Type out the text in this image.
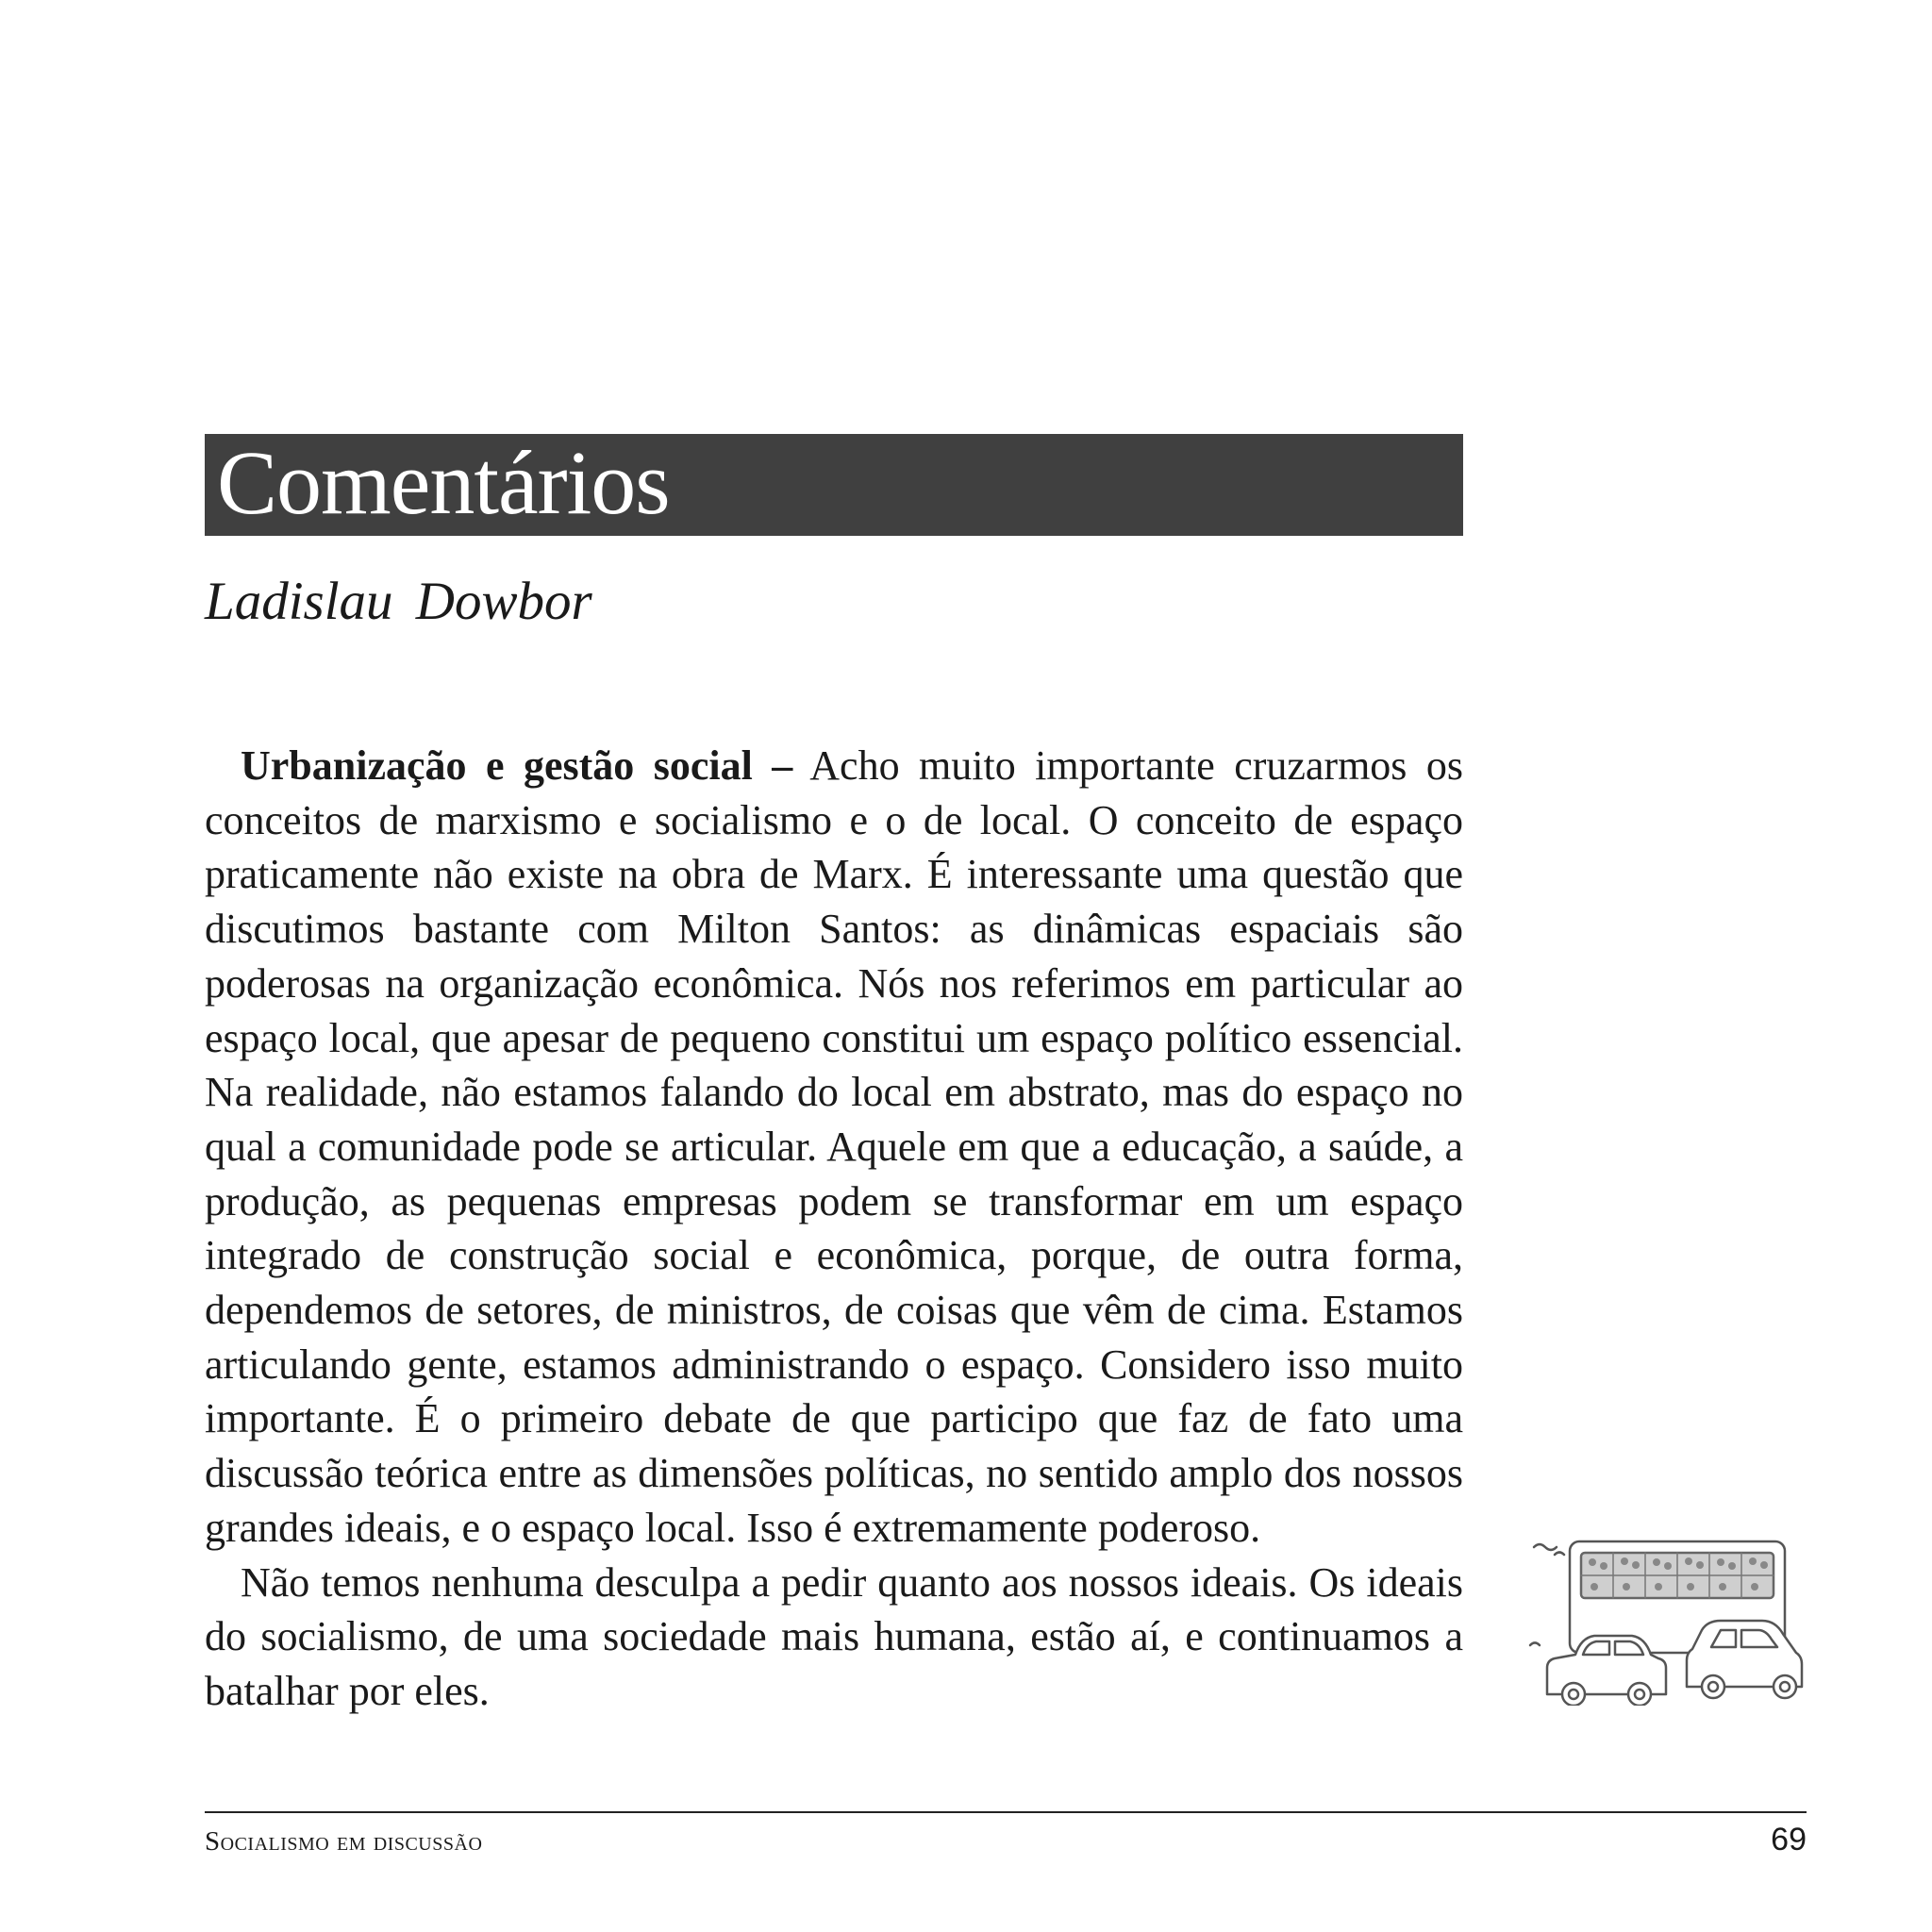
Comentários
Ladislau Dowbor

Urbanização e gestão social – Acho muito importante cruzarmos os conceitos de marxismo e socialismo e o de local. O conceito de espaço praticamente não existe na obra de Marx. É interessante uma questão que discutimos bastante com Milton Santos: as dinâmicas espaciais são poderosas na organização econômica. Nós nos referimos em particular ao espaço local, que apesar de pequeno constitui um espaço político essencial. Na realidade, não estamos falando do local em abstrato, mas do espaço no qual a comunidade pode se articular. Aquele em que a educação, a saúde, a produção, as pequenas empresas podem se transformar em um espaço integrado de construção social e econômica, porque, de outra forma, dependemos de setores, de ministros, de coisas que vêm de cima. Estamos articulando gente, estamos administrando o espaço. Considero isso muito importante. É o primeiro debate de que participo que faz de fato uma discussão teórica entre as dimensões políticas, no sentido amplo dos nossos grandes ideais, e o espaço local. Isso é extremamente poderoso.

Não temos nenhuma desculpa a pedir quanto aos nossos ideais. Os ideais do socialismo, de uma sociedade mais humana, estão aí, e continuamos a batalhar por eles.

Socialismo em discussão	69
